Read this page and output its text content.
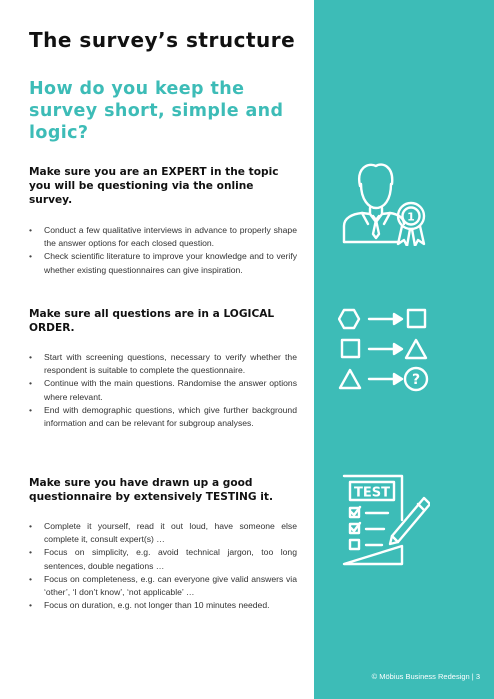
The survey’s structure
How do you keep the survey short, simple and logic?
Make sure you are an EXPERT in the topic you will be questioning via the online survey.
• Conduct a few qualitative interviews in advance to properly shape the answer options for each closed question.
• Check scientific literature to improve your knowledge and to verify whether existing questionnaires can give inspiration.
Make sure all questions are in a LOGICAL ORDER.
• Start with screening questions, necessary to verify whether the respondent is suitable to complete the questionnaire.
• Continue with the main questions. Randomise the answer options where relevant.
• End with demographic questions, which give further background information and can be relevant for subgroup analyses.
Make sure you have drawn up a good questionnaire by extensively TESTING it.
• Complete it yourself, read it out loud, have someone else complete it, consult expert(s) …
• Focus on simplicity, e.g. avoid technical jargon, too long sentences, double negations …
• Focus on completeness, e.g. can everyone give valid answers via ‘other’, ‘I don’t know’, ‘not applicable’ …
• Focus on duration, e.g. not longer than 10 minutes needed.
1
?
TEST
© Möbius Business Redesign | 3
